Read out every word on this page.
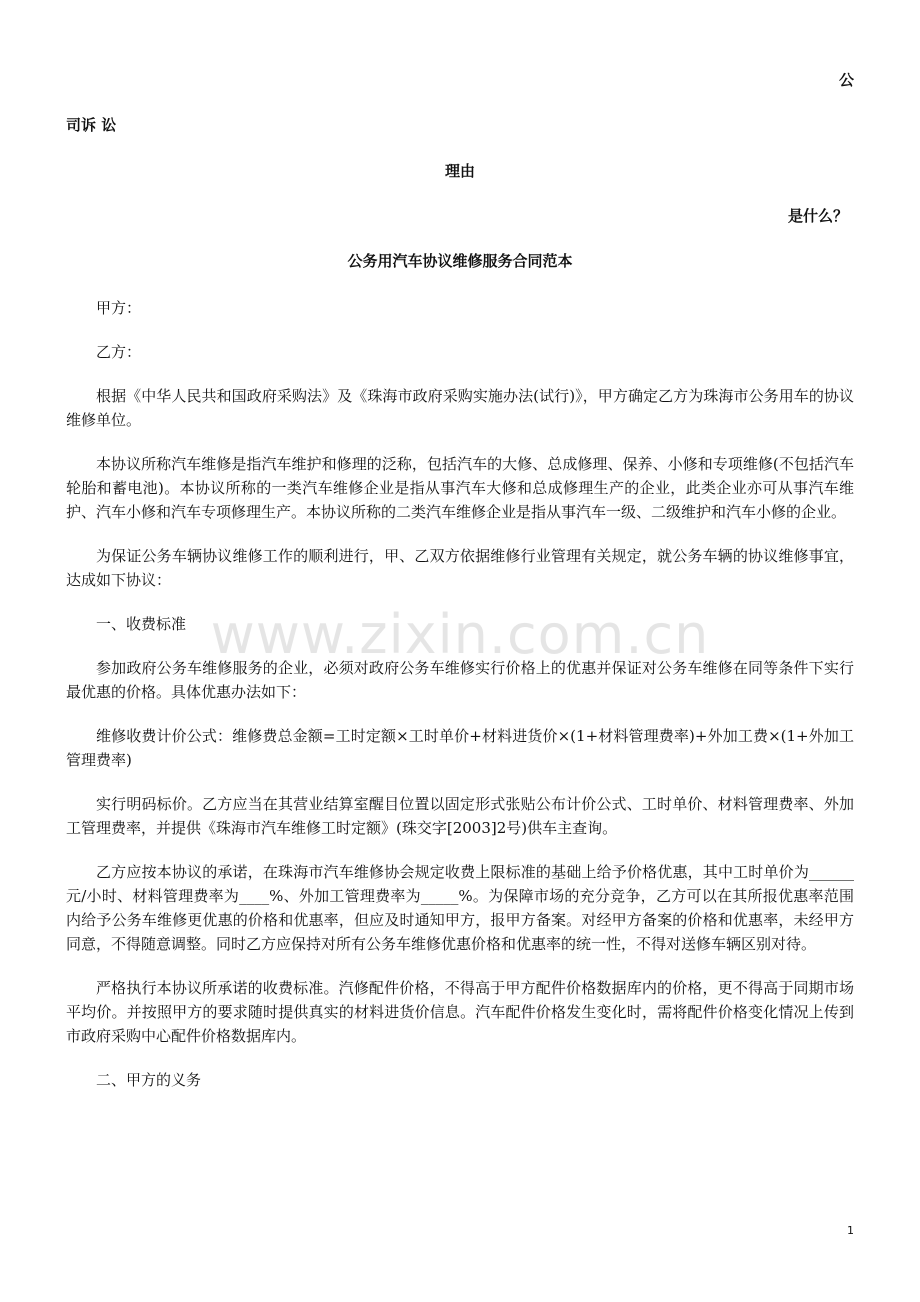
公
司诉 讼
理由
是什么？
公务用汽车协议维修服务合同范本

甲方：

乙方：

根据《中华人民共和国政府采购法》及《珠海市政府采购实施办法(试行)》，甲方确定乙方为珠海市公务用车的协议维修单位。

本协议所称汽车维修是指汽车维护和修理的泛称，包括汽车的大修、总成修理、保养、小修和专项维修(不包括汽车轮胎和蓄电池)。本协议所称的一类汽车维修企业是指从事汽车大修和总成修理生产的企业，此类企业亦可从事汽车维护、汽车小修和汽车专项修理生产。本协议所称的二类汽车维修企业是指从事汽车一级、二级维护和汽车小修的企业。

为保证公务车辆协议维修工作的顺利进行，甲、乙双方依据维修行业管理有关规定，就公务车辆的协议维修事宜，达成如下协议：

一、收费标准

参加政府公务车维修服务的企业，必须对政府公务车维修实行价格上的优惠并保证对公务车维修在同等条件下实行最优惠的价格。具体优惠办法如下：

维修收费计价公式：维修费总金额=工时定额×工时单价+材料进货价×(1+材料管理费率)+外加工费×(1+外加工管理费率)

实行明码标价。乙方应当在其营业结算室醒目位置以固定形式张贴公布计价公式、工时单价、材料管理费率、外加工管理费率，并提供《珠海市汽车维修工时定额》(珠交字[2003]2号)供车主查询。

乙方应按本协议的承诺，在珠海市汽车维修协会规定收费上限标准的基础上给予价格优惠，其中工时单价为______元/小时、材料管理费率为____%、外加工管理费率为_____%。为保障市场的充分竞争，乙方可以在其所报优惠率范围内给予公务车维修更优惠的价格和优惠率，但应及时通知甲方，报甲方备案。对经甲方备案的价格和优惠率，未经甲方同意，不得随意调整。同时乙方应保持对所有公务车维修优惠价格和优惠率的统一性，不得对送修车辆区别对待。

严格执行本协议所承诺的收费标准。汽修配件价格，不得高于甲方配件价格数据库内的价格，更不得高于同期市场平均价。并按照甲方的要求随时提供真实的材料进货价信息。汽车配件价格发生变化时，需将配件价格变化情况上传到市政府采购中心配件价格数据库内。

二、甲方的义务

www.zixin.com.cn
1
